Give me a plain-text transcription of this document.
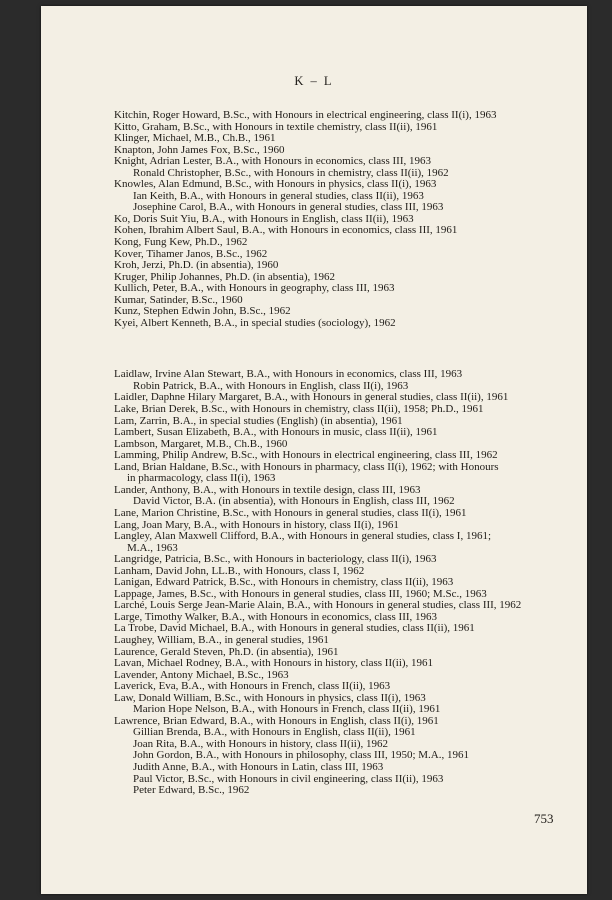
K – L
Kitchin, Roger Howard, B.Sc., with Honours in electrical engineering, class II(i), 1963
Kitto, Graham, B.Sc., with Honours in textile chemistry, class II(ii), 1961
Klinger, Michael, M.B., Ch.B., 1961
Knapton, John James Fox, B.Sc., 1960
Knight, Adrian Lester, B.A., with Honours in economics, class III, 1963
Ronald Christopher, B.Sc., with Honours in chemistry, class II(ii), 1962
Knowles, Alan Edmund, B.Sc., with Honours in physics, class II(i), 1963
Ian Keith, B.A., with Honours in general studies, class II(ii), 1963
Josephine Carol, B.A., with Honours in general studies, class III, 1963
Ko, Doris Suit Yiu, B.A., with Honours in English, class II(ii), 1963
Kohen, Ibrahim Albert Saul, B.A., with Honours in economics, class III, 1961
Kong, Fung Kew, Ph.D., 1962
Kover, Tihamer Janos, B.Sc., 1962
Kroh, Jerzi, Ph.D. (in absentia), 1960
Kruger, Philip Johannes, Ph.D. (in absentia), 1962
Kullich, Peter, B.A., with Honours in geography, class III, 1963
Kumar, Satinder, B.Sc., 1960
Kunz, Stephen Edwin John, B.Sc., 1962
Kyei, Albert Kenneth, B.A., in special studies (sociology), 1962
Laidlaw, Irvine Alan Stewart, B.A., with Honours in economics, class III, 1963
Robin Patrick, B.A., with Honours in English, class II(i), 1963
Laidler, Daphne Hilary Margaret, B.A., with Honours in general studies, class II(ii), 1961
Lake, Brian Derek, B.Sc., with Honours in chemistry, class II(ii), 1958; Ph.D., 1961
Lam, Zarrin, B.A., in special studies (English) (in absentia), 1961
Lambert, Susan Elizabeth, B.A., with Honours in music, class II(ii), 1961
Lambson, Margaret, M.B., Ch.B., 1960
Lamming, Philip Andrew, B.Sc., with Honours in electrical engineering, class III, 1962
Land, Brian Haldane, B.Sc., with Honours in pharmacy, class II(i), 1962; with Honours
in pharmacology, class II(i), 1963
Lander, Anthony, B.A., with Honours in textile design, class III, 1963
David Victor, B.A. (in absentia), with Honours in English, class III, 1962
Lane, Marion Christine, B.Sc., with Honours in general studies, class II(i), 1961
Lang, Joan Mary, B.A., with Honours in history, class II(i), 1961
Langley, Alan Maxwell Clifford, B.A., with Honours in general studies, class I, 1961;
M.A., 1963
Langridge, Patricia, B.Sc., with Honours in bacteriology, class II(i), 1963
Lanham, David John, LL.B., with Honours, class I, 1962
Lanigan, Edward Patrick, B.Sc., with Honours in chemistry, class II(ii), 1963
Lappage, James, B.Sc., with Honours in general studies, class III, 1960; M.Sc., 1963
Larché, Louis Serge Jean-Marie Alain, B.A., with Honours in general studies, class III, 1962
Large, Timothy Walker, B.A., with Honours in economics, class III, 1963
La Trobe, David Michael, B.A., with Honours in general studies, class II(ii), 1961
Laughey, William, B.A., in general studies, 1961
Laurence, Gerald Steven, Ph.D. (in absentia), 1961
Lavan, Michael Rodney, B.A., with Honours in history, class II(ii), 1961
Lavender, Antony Michael, B.Sc., 1963
Laverick, Eva, B.A., with Honours in French, class II(ii), 1963
Law, Donald William, B.Sc., with Honours in physics, class II(i), 1963
Marion Hope Nelson, B.A., with Honours in French, class II(ii), 1961
Lawrence, Brian Edward, B.A., with Honours in English, class II(i), 1961
Gillian Brenda, B.A., with Honours in English, class II(ii), 1961
Joan Rita, B.A., with Honours in history, class II(ii), 1962
John Gordon, B.A., with Honours in philosophy, class III, 1950; M.A., 1961
Judith Anne, B.A., with Honours in Latin, class III, 1963
Paul Victor, B.Sc., with Honours in civil engineering, class II(ii), 1963
Peter Edward, B.Sc., 1962
753
